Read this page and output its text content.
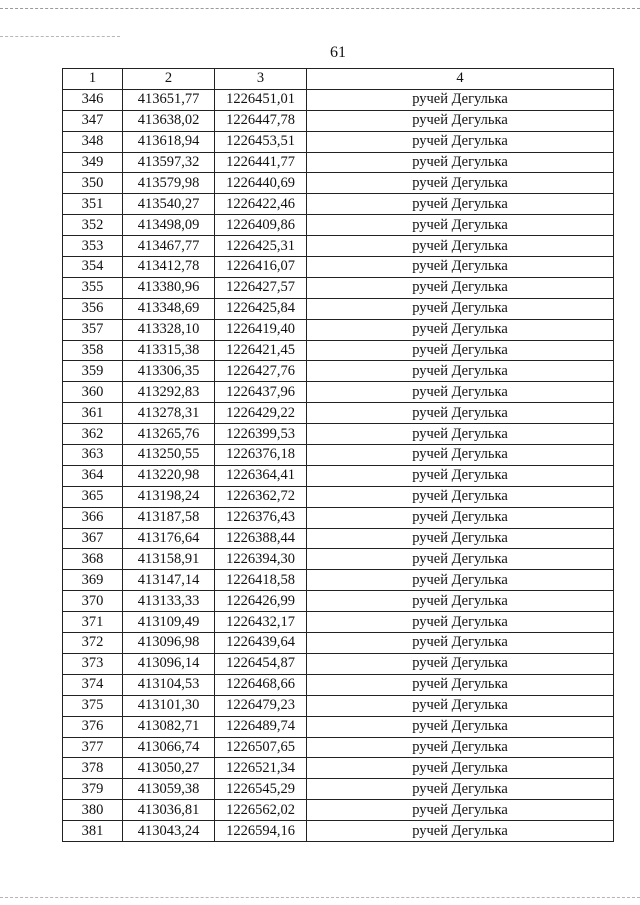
61
1	2	3	4
346	413651,77	1226451,01	ручей Дегулька
347	413638,02	1226447,78	ручей Дегулька
348	413618,94	1226453,51	ручей Дегулька
349	413597,32	1226441,77	ручей Дегулька
350	413579,98	1226440,69	ручей Дегулька
351	413540,27	1226422,46	ручей Дегулька
352	413498,09	1226409,86	ручей Дегулька
353	413467,77	1226425,31	ручей Дегулька
354	413412,78	1226416,07	ручей Дегулька
355	413380,96	1226427,57	ручей Дегулька
356	413348,69	1226425,84	ручей Дегулька
357	413328,10	1226419,40	ручей Дегулька
358	413315,38	1226421,45	ручей Дегулька
359	413306,35	1226427,76	ручей Дегулька
360	413292,83	1226437,96	ручей Дегулька
361	413278,31	1226429,22	ручей Дегулька
362	413265,76	1226399,53	ручей Дегулька
363	413250,55	1226376,18	ручей Дегулька
364	413220,98	1226364,41	ручей Дегулька
365	413198,24	1226362,72	ручей Дегулька
366	413187,58	1226376,43	ручей Дегулька
367	413176,64	1226388,44	ручей Дегулька
368	413158,91	1226394,30	ручей Дегулька
369	413147,14	1226418,58	ручей Дегулька
370	413133,33	1226426,99	ручей Дегулька
371	413109,49	1226432,17	ручей Дегулька
372	413096,98	1226439,64	ручей Дегулька
373	413096,14	1226454,87	ручей Дегулька
374	413104,53	1226468,66	ручей Дегулька
375	413101,30	1226479,23	ручей Дегулька
376	413082,71	1226489,74	ручей Дегулька
377	413066,74	1226507,65	ручей Дегулька
378	413050,27	1226521,34	ручей Дегулька
379	413059,38	1226545,29	ручей Дегулька
380	413036,81	1226562,02	ручей Дегулька
381	413043,24	1226594,16	ручей Дегулька
